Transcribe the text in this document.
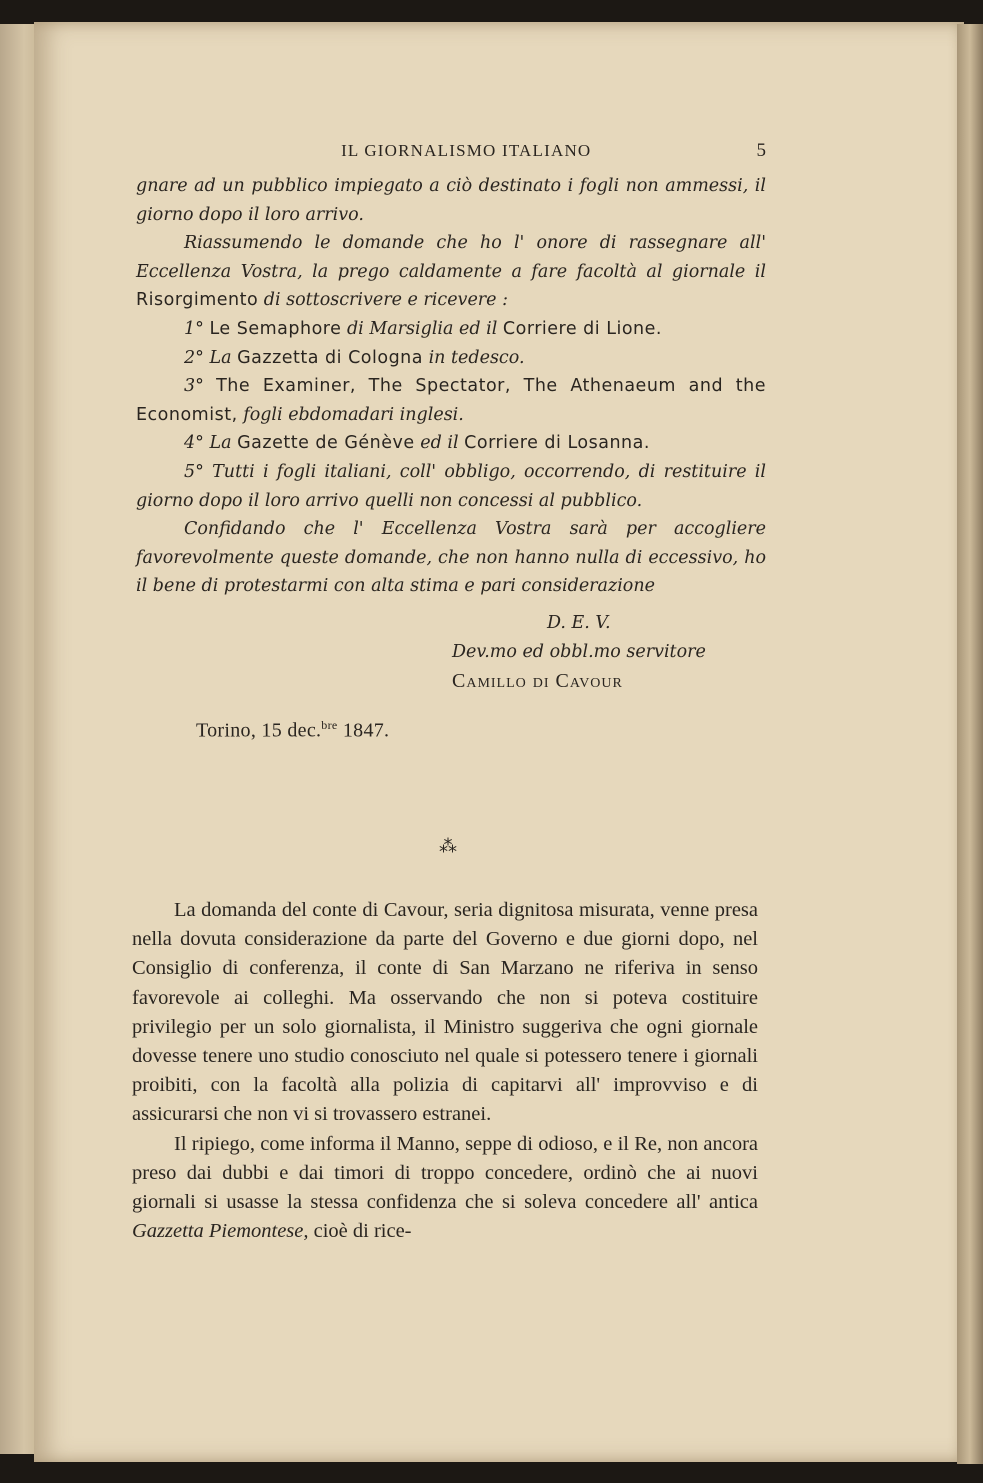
IL GIORNALISMO ITALIANO	5

gnare ad un pubblico impiegato a ciò destinato i fogli non ammessi, il giorno dopo il loro arrivo.

Riassumendo le domande che ho l' onore di rassegnare all' Eccellenza Vostra, la prego caldamente a fare facoltà al giornale il Risorgimento di sottoscrivere e ricevere :

1° Le Semaphore di Marsiglia ed il Corriere di Lione.

2° La Gazzetta di Cologna in tedesco.

3° The Examiner, The Spectator, The Athenaeum and the Economist, fogli ebdomadari inglesi.

4° La Gazette de Génève ed il Corriere di Losanna.

5° Tutti i fogli italiani, coll' obbligo, occorrendo, di restituire il giorno dopo il loro arrivo quelli non concessi al pubblico.

Confidando che l' Eccellenza Vostra sarà per accogliere favorevolmente queste domande, che non hanno nulla di eccessivo, ho il bene di protestarmi con alta stima e pari considerazione

D. E. V.
Dev.mo ed obbl.mo servitore
Camillo di Cavour
Torino, 15 dec.$^{bre}$ 1847.
⁂

La domanda del conte di Cavour, seria dignitosa misurata, venne presa nella dovuta considerazione da parte del Governo e due giorni dopo, nel Consiglio di conferenza, il conte di San Marzano ne riferiva in senso favorevole ai colleghi. Ma osservando che non si poteva costituire privilegio per un solo giornalista, il Ministro suggeriva che ogni giornale dovesse tenere uno studio conosciuto nel quale si potessero tenere i giornali proibiti, con la facoltà alla polizia di capitarvi all' improvviso e di assicurarsi che non vi si trovassero estranei.

Il ripiego, come informa il Manno, seppe di odioso, e il Re, non ancora preso dai dubbi e dai timori di troppo concedere, ordinò che ai nuovi giornali si usasse la stessa confidenza che si soleva concedere all' antica Gazzetta Piemontese, cioè di rice-
